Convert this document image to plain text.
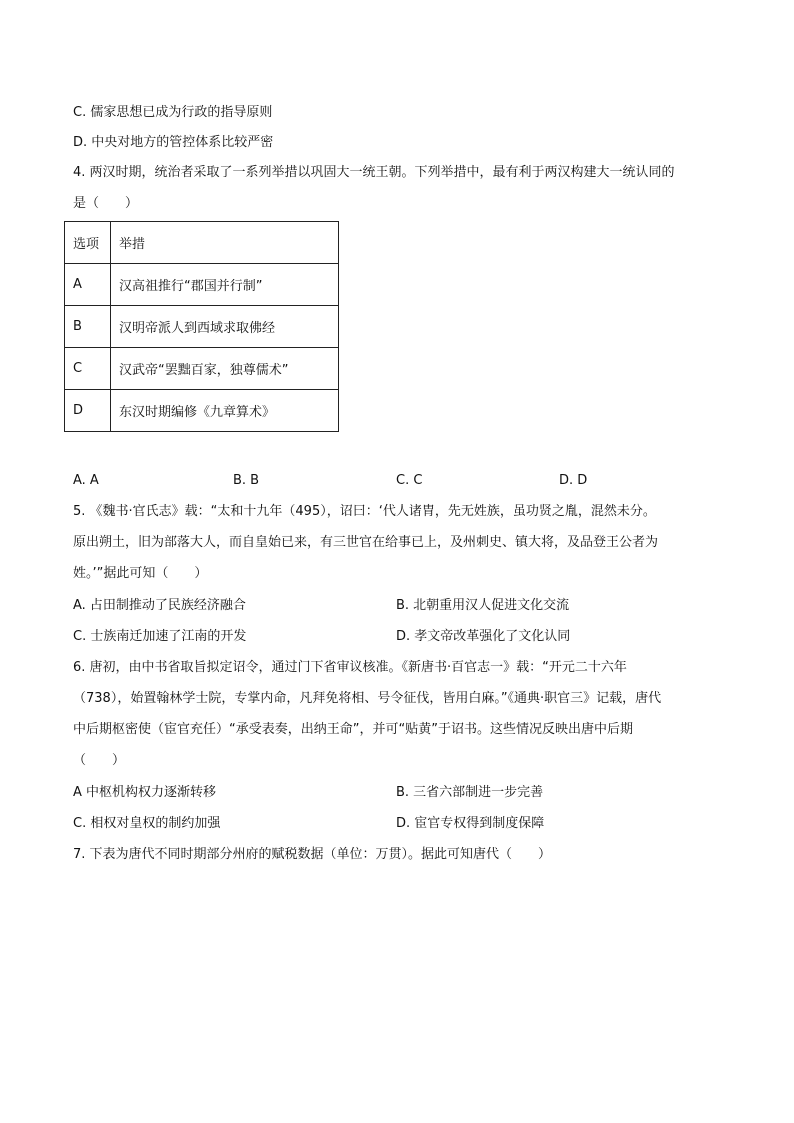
C. 儒家思想已成为行政的指导原则
D. 中央对地方的管控体系比较严密
4. 两汉时期，统治者采取了一系列举措以巩固大一统王朝。下列举措中，最有利于两汉构建大一统认同的
是（　　）
选项	举措
A	汉高祖推行“郡国并行制”
B	汉明帝派人到西域求取佛经
C	汉武帝“罢黜百家，独尊儒术”
D	东汉时期编修《九章算术》
A. A	B. B	C. C	D. D
5. 《魏书·官氏志》载：“太和十九年（495），诏曰：‘代人诸胄，先无姓族，虽功贤之胤，混然未分。
原出朔土，旧为部落大人，而自皇始已来，有三世官在给事已上，及州刺史、镇大将，及品登王公者为
姓。’”据此可知（　　）
A. 占田制推动了民族经济融合	B. 北朝重用汉人促进文化交流
C. 士族南迁加速了江南的开发	D. 孝文帝改革强化了文化认同
6. 唐初，由中书省取旨拟定诏令，通过门下省审议核准。《新唐书·百官志一》载：“开元二十六年
（738），始置翰林学士院，专掌内命，凡拜免将相、号令征伐，皆用白麻。”《通典·职官三》记载，唐代
中后期枢密使（宦官充任）“承受表奏，出纳王命”，并可“贴黄”于诏书。这些情况反映出唐中后期
（　　）
A 中枢机构权力逐渐转移	B. 三省六部制进一步完善
C. 相权对皇权的制约加强	D. 宦官专权得到制度保障
7. 下表为唐代不同时期部分州府的赋税数据（单位：万贯）。据此可知唐代（　　）
